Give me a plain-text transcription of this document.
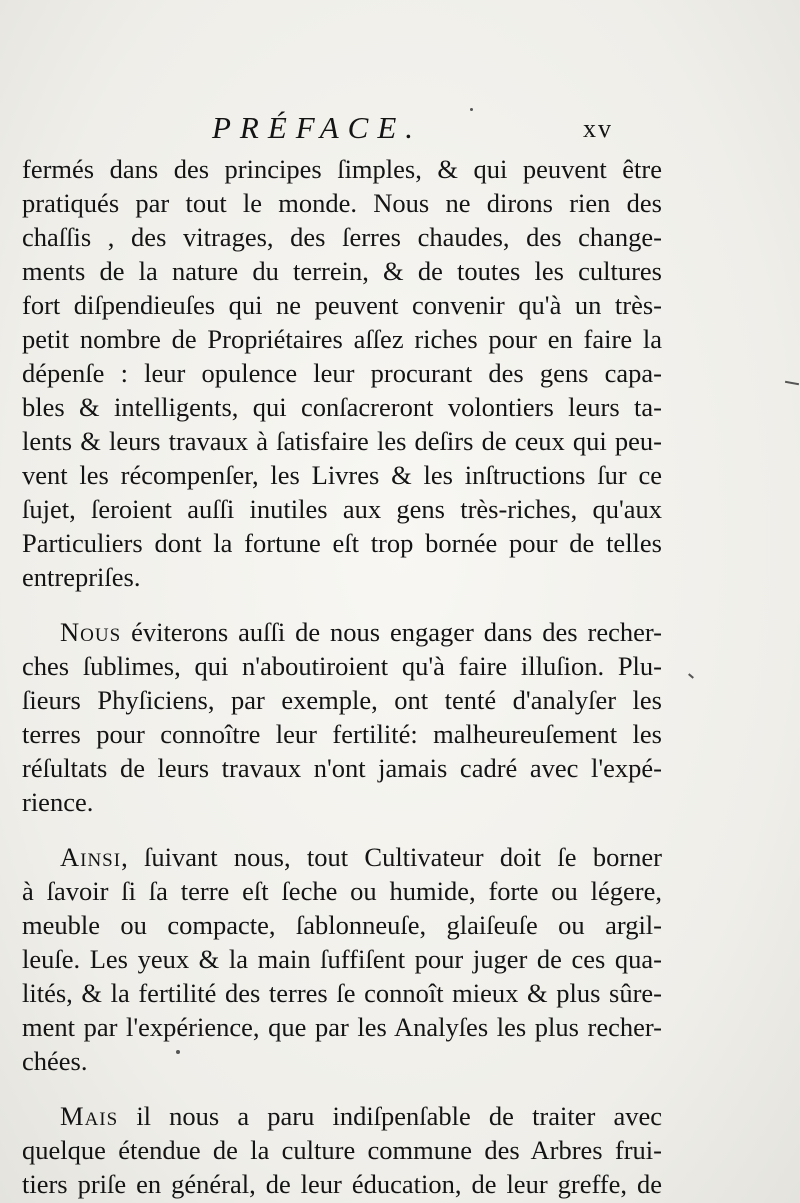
PRÉFACE.	xv
fermés dans des principes ſimples, & qui peuvent être
pratiqués par tout le monde. Nous ne dirons rien des
chaſſis , des vitrages, des ſerres chaudes, des change-
ments de la nature du terrein, & de toutes les cultures
fort diſpendieuſes qui ne peuvent convenir qu'à un très-
petit nombre de Propriétaires aſſez riches pour en faire la
dépenſe : leur opulence leur procurant des gens capa-
bles & intelligents, qui conſacreront volontiers leurs ta-
lents & leurs travaux à ſatisfaire les deſirs de ceux qui peu-
vent les récompenſer, les Livres & les inſtructions ſur ce
ſujet, ſeroient auſſi inutiles aux gens très-riches, qu'aux
Particuliers dont la fortune eſt trop bornée pour de telles
entrepriſes.
Nous éviterons auſſi de nous engager dans des recher-
ches ſublimes, qui n'aboutiroient qu'à faire illuſion. Plu-
ſieurs Phyſiciens, par exemple, ont tenté d'analyſer les
terres pour connoître leur fertilité: malheureuſement les
réſultats de leurs travaux n'ont jamais cadré avec l'expé-
rience.
Ainsi, ſuivant nous, tout Cultivateur doit ſe borner
à ſavoir ſi ſa terre eſt ſeche ou humide, forte ou légere,
meuble ou compacte, ſablonneuſe, glaiſeuſe ou argil-
leuſe. Les yeux & la main ſuffiſent pour juger de ces qua-
lités, & la fertilité des terres ſe connoît mieux & plus sûre-
ment par l'expérience, que par les Analyſes les plus recher-
chées.
Mais il nous a paru indiſpenſable de traiter avec
quelque étendue de la culture commune des Arbres frui-
tiers priſe en général, de leur éducation, de leur greffe, de
